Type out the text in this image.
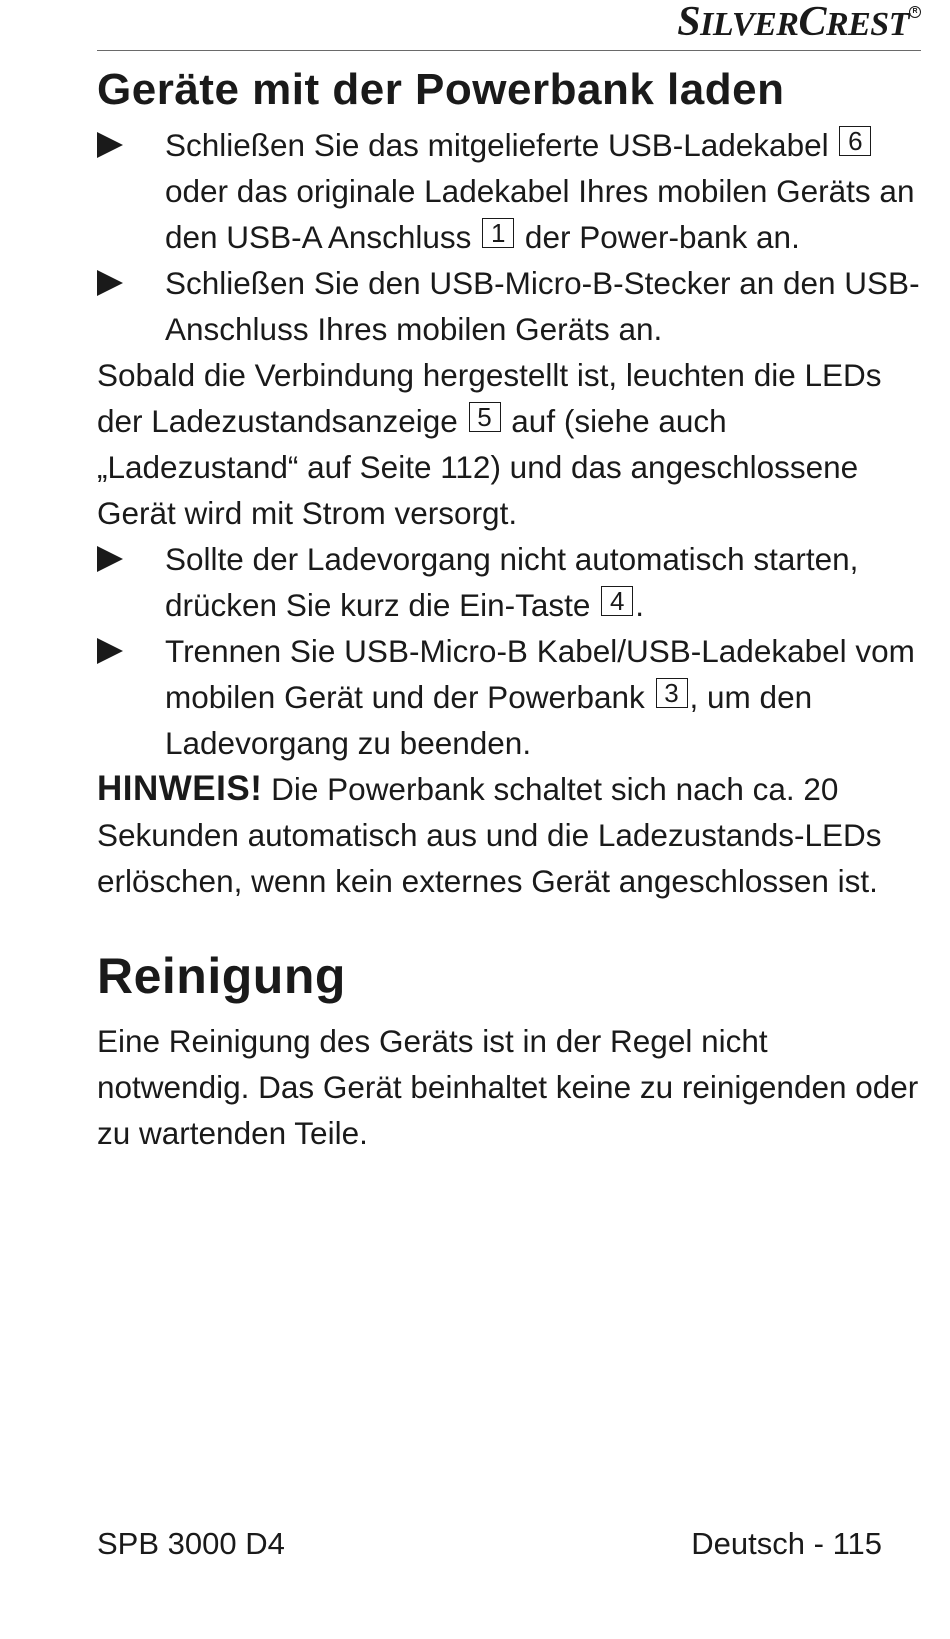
SILVERCREST R
Geräte mit der Powerbank laden
Schließen Sie das mitgelieferte USB-Ladekabel 6 oder das originale Ladekabel Ihres mobilen Geräts an den USB-A Anschluss 1 der Power-bank an.
Schließen Sie den USB-Micro-B-Stecker an den USB-Anschluss Ihres mobilen Geräts an.

Sobald die Verbindung hergestellt ist, leuchten die LEDs der Ladezustandsanzeige 5 auf (siehe auch „Ladezustand“ auf Seite 112) und das angeschlossene Gerät wird mit Strom versorgt.

Sollte der Ladevorgang nicht automatisch starten, drücken Sie kurz die Ein-Taste 4 .
Trennen Sie USB-Micro-B Kabel/USB-Ladekabel vom mobilen Gerät und der Powerbank 3 , um den Ladevorgang zu beenden.

HINWEIS! Die Powerbank schaltet sich nach ca. 20 Sekunden automatisch aus und die Ladezustands-LEDs erlöschen, wenn kein externes Gerät angeschlossen ist.

Reinigung

Eine Reinigung des Geräts ist in der Regel nicht notwendig. Das Gerät beinhaltet keine zu reinigenden oder zu wartenden Teile.

SPB 3000 D4	Deutsch - 115
